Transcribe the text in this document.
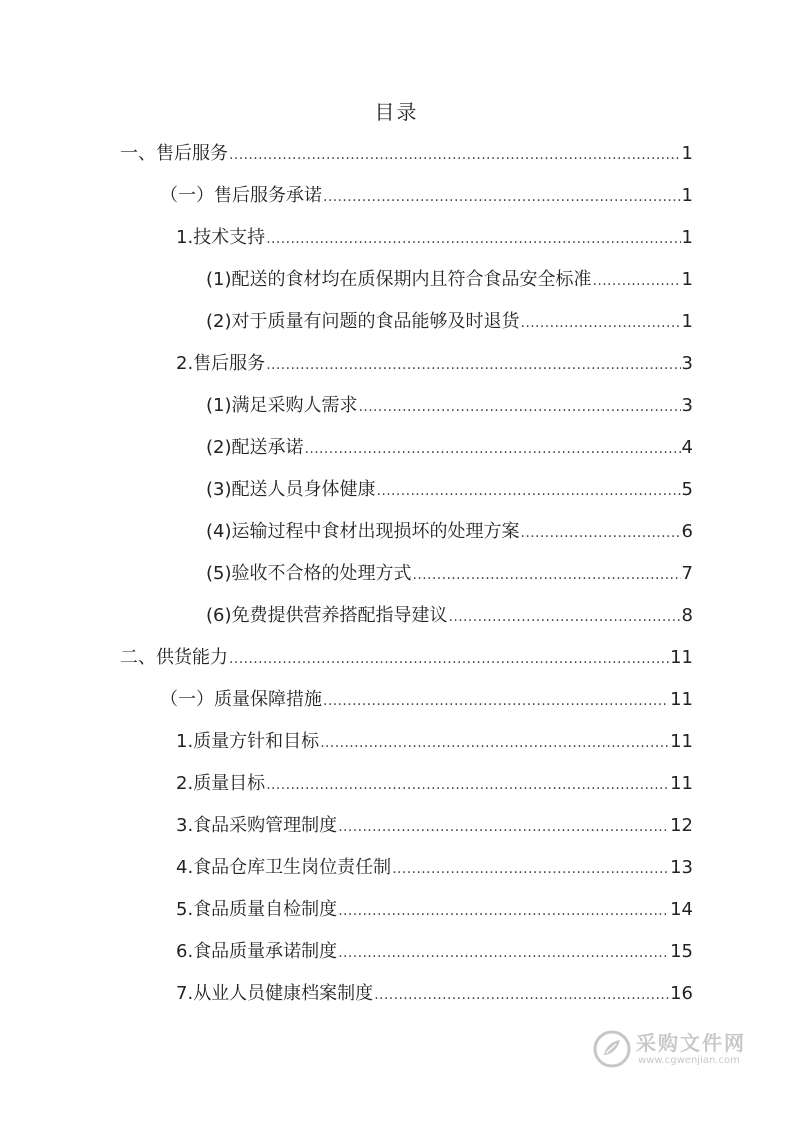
目录
一、 售后服务 .....	1
（一） 售后服务承诺 .....	1
1. 技术支持 .....	1
(1) 配送的食材均在质保期内且符合食品安全标准 .....	1
(2) 对于质量有问题的食品能够及时退货 .....	1
2. 售后服务 .....	3
(1) 满足采购人需求 .....	3
(2) 配送承诺 .....	4
(3) 配送人员身体健康 .....	5
(4) 运输过程中食材出现损坏的处理方案 .....	6
(5) 验收不合格的处理方式 .....	7
(6) 免费提供营养搭配指导建议 .....	8
二、 供货能力 .....	11
（一） 质量保障措施 .....	11
1. 质量方针和目标 .....	11
2. 质量目标 .....	11
3. 食品采购管理制度 .....	12
4. 食品仓库卫生岗位责任制 .....	13
5. 食品质量自检制度 .....	14
6. 食品质量承诺制度 .....	15
7. 从业人员健康档案制度 .....	16
采购文件网
www.cgwenjian.com
